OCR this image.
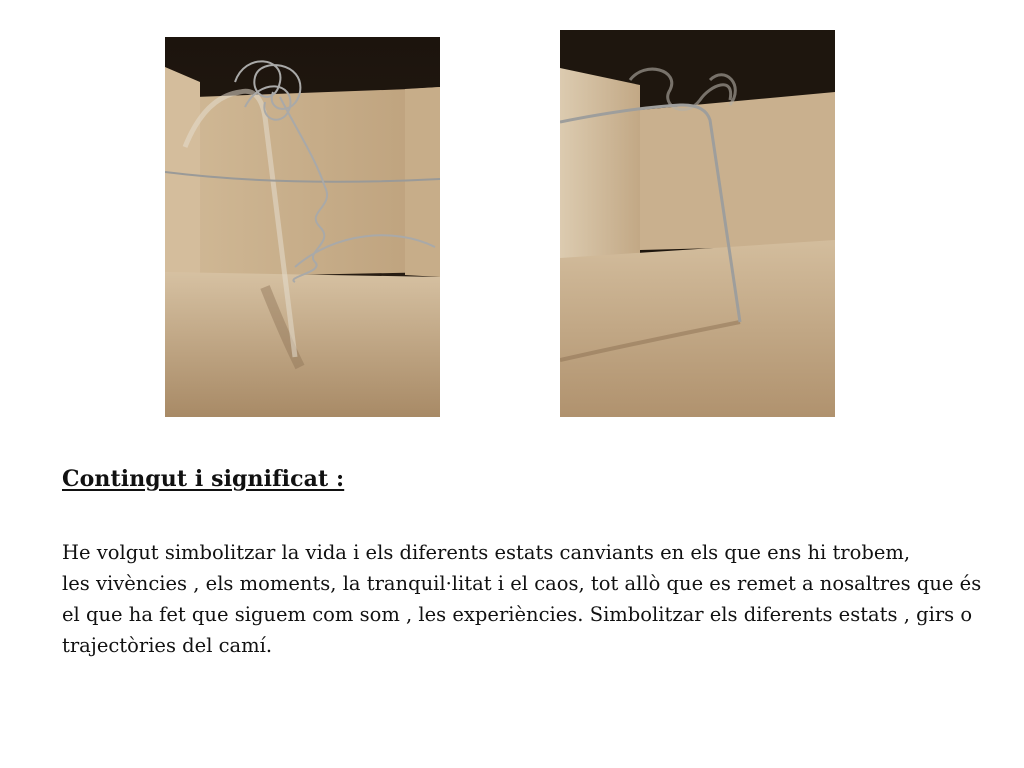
Contingut i significat :
He volgut simbolitzar la vida i els diferents estats canviants en els que ens hi trobem,
les vivències , els moments, la tranquil·litat i el caos, tot allò que es remet a nosaltres que és
el que ha fet que siguem com som , les experiències. Simbolitzar els diferents estats , girs o
trajectòries del camí.
